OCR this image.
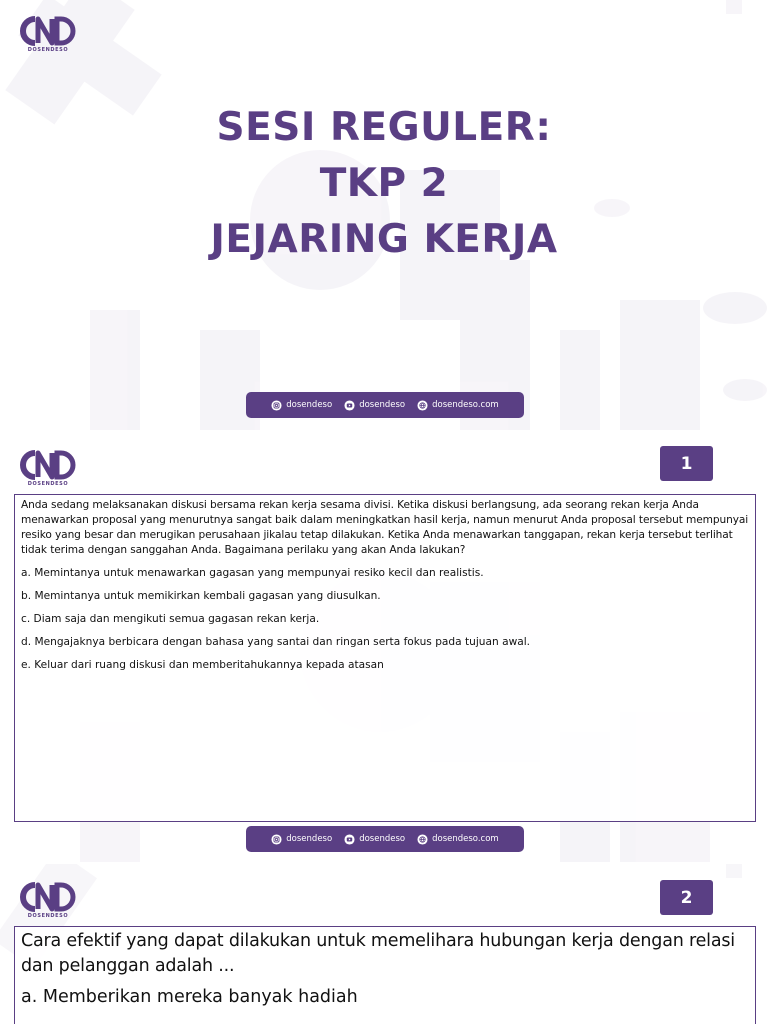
DOSENDESO
SESI REGULER:
TKP 2
JEJARING KERJA
dosendeso	dosendeso	dosendeso.com
DOSENDESO
1

Anda sedang melaksanakan diskusi bersama rekan kerja sesama divisi. Ketika diskusi berlangsung, ada seorang rekan kerja Anda menawarkan proposal yang menurutnya sangat baik dalam meningkatkan hasil kerja, namun menurut Anda proposal tersebut mempunyai resiko yang besar dan merugikan perusahaan jikalau tetap dilakukan. Ketika Anda menawarkan tanggapan, rekan kerja tersebut terlihat tidak terima dengan sanggahan Anda. Bagaimana perilaku yang akan Anda lakukan?

a. Memintanya untuk menawarkan gagasan yang mempunyai resiko kecil dan realistis.

b. Memintanya untuk memikirkan kembali gagasan yang diusulkan.

c. Diam saja dan mengikuti semua gagasan rekan kerja.

d. Mengajaknya berbicara dengan bahasa yang santai dan ringan serta fokus pada tujuan awal.

e. Keluar dari ruang diskusi dan memberitahukannya kepada atasan

dosendeso	dosendeso	dosendeso.com
DOSENDESO
2

Cara efektif yang dapat dilakukan untuk memelihara hubungan kerja dengan relasi dan pelanggan adalah ...

a. Memberikan mereka banyak hadiah
